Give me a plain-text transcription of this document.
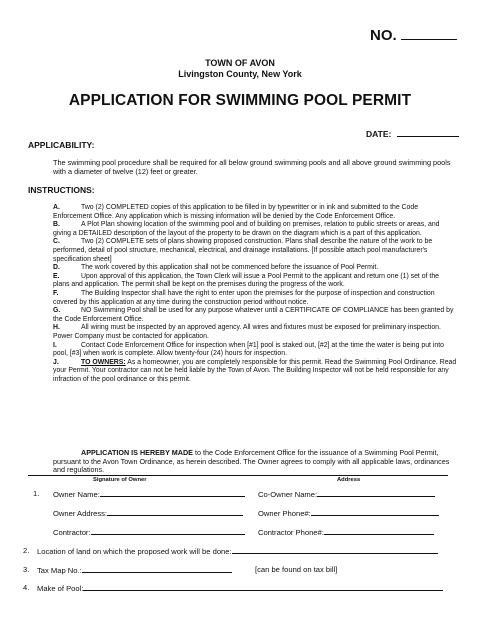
NO.
TOWN OF AVON
Livingston County, New York
APPLICATION FOR SWIMMING POOL PERMIT
DATE:
APPLICABILITY:
The swimming pool procedure shall be required for all below ground swimming pools and all above ground swimming pools with a diameter of twelve (12) feet or greater.
INSTRUCTIONS:

A.	Two (2) COMPLETED copies of this application to be filled in by typewritter or in ink and submitted to the Code Enforcement Office. Any application which is missing information will be denied by the Code Enforcement Office.

B.	A Plot Plan showing location of the swimming pool and of building on premises, relation to public streets or areas, and giving a DETAILED description of the layout of the property to be drawn on the diagram which is a part of this application.

C.	Two (2) COMPLETE sets of plans showing proposed construction. Plans shall describe the nature of the work to be performed, detail of pool structure, mechanical, electrical, and drainage installations. [If possible attach pool manufacturer's specification sheet]

D.	The work covered by this application shall not be commenced before the issuance of Pool Permit.

E.	Upon approval of this application, the Town Clerk will issue a Pool Permit to the applicant and return one (1) set of the plans and application. The permit shall be kept on the premises during the progress of the work.

F.	The Building Inspector shall have the right to enter upon the premises for the purpose of inspection and construction covered by this application at any time during the construction period without notice.

G.	NO Swimming Pool shall be used for any purpose whatever until a CERTIFICATE OF COMPLIANCE has been granted by the Code Enforcement Office.

H.	All wiring must be inspected by an approved agency. All wires and fixtures must be exposed for preliminary inspection. Power Company must be contacted for application.

I.	Contact Code Enforcement Office for inspection when [#1] pool is staked out, [#2] at the time the water is being put into pool, [#3] when work is complete. Allow twenty-four (24) hours for inspection.

J.	TO OWNERS: As a homeowner, you are completely responsible for this permit. Read the Swimming Pool Ordinance. Read your Permit. Your contractor can not be held liable by the Town of Avon. The Building Inspector will not be held responsible for any infraction of the pool ordinance or this permit.

APPLICATION IS HEREBY MADE to the Code Enforcement Office for the issuance of a Swimming Pool Permit, pursuant to the Avon Town Ordinance, as herein described. The Owner agrees to comply with all applicable laws, ordinances and regulations.
Signature of Owner	Address
1. Owner Name:	Co-Owner Name:
Owner Address:	Owner Phone#:
Contractor:	Contractor Phone#:
2. Location of land on which the proposed work will be done:
3. Tax Map No.:	[can be found on tax bill]
4. Make of Pool:
